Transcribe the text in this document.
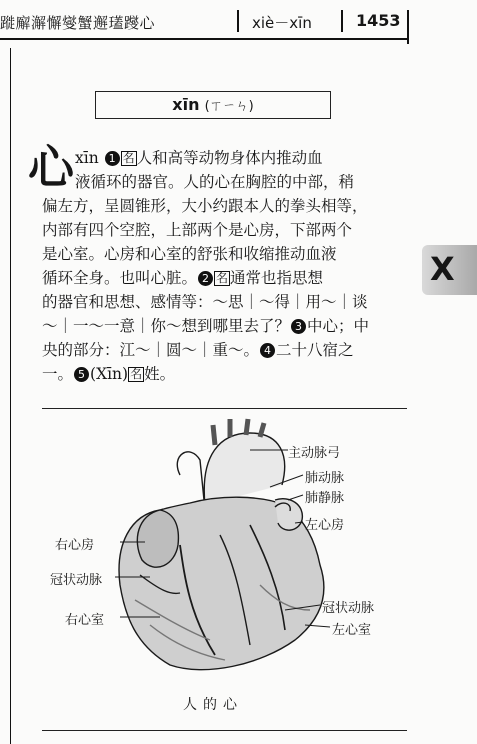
蹝廨澥懈燮蟹邂瓂躞心	xiè－xīn	1453
xīn (ㄒㄧㄣ)
X
心 xīn 1 名 人和高等动物身体内推动血
液循环的器官。人的心在胸腔的中部，稍
偏左方，呈圆锥形，大小约跟本人的拳头相等，
内部有四个空腔，上部两个是心房，下部两个
是心室。心房和心室的舒张和收缩推动血液
循环全身。也叫心脏。 2 名 通常也指思想
的器官和思想、感情等：～思｜～得｜用～｜谈
～｜一～一意｜你～想到哪里去了？ 3 中心；中
央的部分：江～｜圆～｜重～。 4 二十八宿之
一。 5 (Xīn) 名 姓。
主动脉弓
肺动脉
肺静脉
左心房
右心房
冠状动脉
右心室
冠状动脉
左心室
人的心
